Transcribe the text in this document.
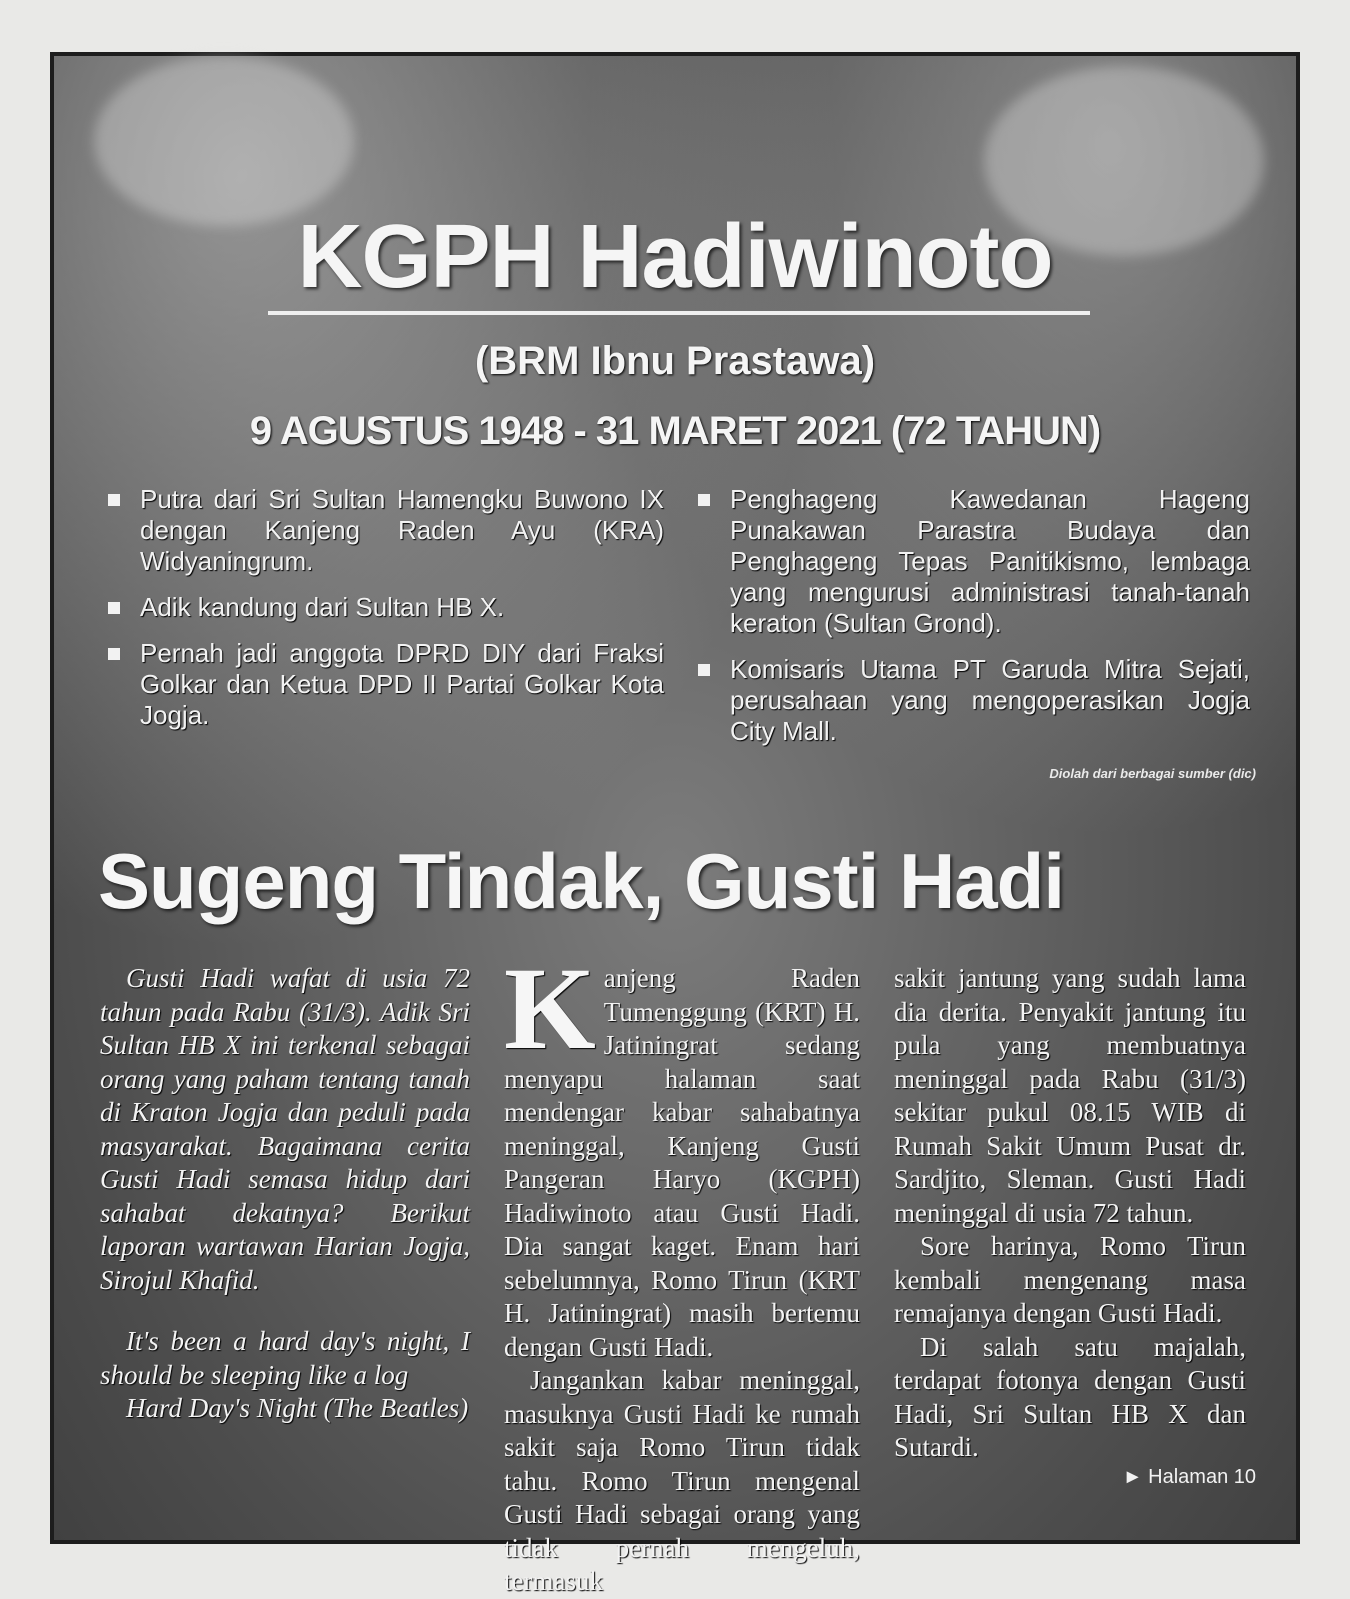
KGPH Hadiwinoto
(BRM Ibnu Prastawa)
9 AGUSTUS 1948 - 31 MARET 2021 (72 TAHUN)
Putra dari Sri Sultan Hamengku Buwono IX dengan Kanjeng Raden Ayu (KRA) Widyaningrum.
Adik kandung dari Sultan HB X.
Pernah jadi anggota DPRD DIY dari Fraksi Golkar dan Ketua DPD II Partai Golkar Kota Jogja.
Penghageng Kawedanan Hageng Punakawan Parastra Budaya dan Penghageng Tepas Panitikismo, lembaga yang mengurusi administrasi tanah-tanah keraton (Sultan Grond).
Komisaris Utama PT Garuda Mitra Sejati, perusahaan yang mengoperasikan Jogja City Mall.
Diolah dari berbagai sumber (dic)
Sugeng Tindak, Gusti Hadi

Gusti Hadi wafat di usia 72 tahun pada Rabu (31/3). Adik Sri Sultan HB X ini terkenal sebagai orang yang paham tentang tanah di Kraton Jogja dan peduli pada masyarakat. Bagaimana cerita Gusti Hadi semasa hidup dari sahabat dekatnya? Berikut laporan wartawan Harian Jogja, Sirojul Khafid.

It's been a hard day's night, I should be sleeping like a log

Hard Day's Night (The Beatles)

Kanjeng Raden Tumenggung (KRT) H. Jatiningrat sedang menyapu halaman saat mendengar kabar sahabatnya meninggal, Kanjeng Gusti Pangeran Haryo (KGPH) Hadiwinoto atau Gusti Hadi. Dia sangat kaget. Enam hari sebelumnya, Romo Tirun (KRT H. Jatiningrat) masih bertemu dengan Gusti Hadi.

Jangankan kabar meninggal, masuknya Gusti Hadi ke rumah sakit saja Romo Tirun tidak tahu. Romo Tirun mengenal Gusti Hadi sebagai orang yang tidak pernah mengeluh, termasuk

sakit jantung yang sudah lama dia derita. Penyakit jantung itu pula yang membuatnya meninggal pada Rabu (31/3) sekitar pukul 08.15 WIB di Rumah Sakit Umum Pusat dr. Sardjito, Sleman. Gusti Hadi meninggal di usia 72 tahun.

Sore harinya, Romo Tirun kembali mengenang masa remajanya dengan Gusti Hadi.

Di salah satu majalah, terdapat fotonya dengan Gusti Hadi, Sri Sultan HB X dan Sutardi.

► Halaman 10
